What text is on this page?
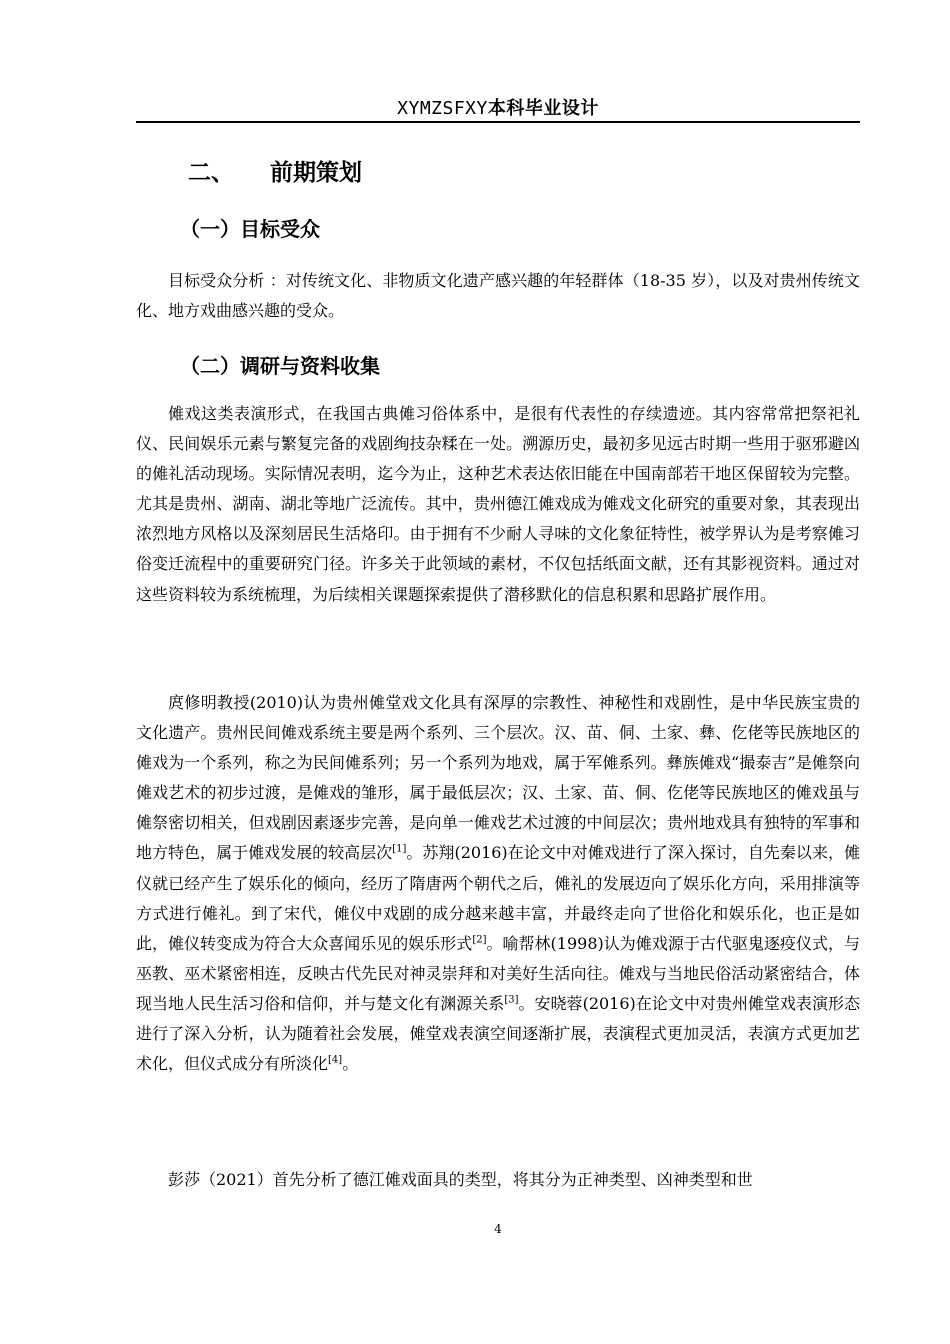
XYMZSFXY本科毕业设计
二、 前期策划
（一）目标受众

目标受众分析 ：对传统文化、非物质文化遗产感兴趣的年轻群体（18-35 岁），以及对贵州传统文化、地方戏曲感兴趣的受众。

（二）调研与资料收集

傩戏这类表演形式，在我国古典傩习俗体系中，是很有代表性的存续遗迹。其内容常常把祭祀礼仪、民间娱乐元素与繁复完备的戏剧绚技杂糅在一处。溯源历史，最初多见远古时期一些用于驱邪避凶的傩礼活动现场。实际情况表明，迄今为止，这种艺术表达依旧能在中国南部若干地区保留较为完整。尤其是贵州、湖南、湖北等地广泛流传。其中，贵州德江傩戏成为傩戏文化研究的重要对象，其表现出浓烈地方风格以及深刻居民生活烙印。由于拥有不少耐人寻味的文化象征特性，被学界认为是考察傩习俗变迁流程中的重要研究门径。许多关于此领域的素材，不仅包括纸面文献，还有其影视资料。通过对这些资料较为系统梳理，为后续相关课题探索提供了潜移默化的信息积累和思路扩展作用。

庹修明教授(2010)认为贵州傩堂戏文化具有深厚的宗教性、神秘性和戏剧性，是中华民族宝贵的文化遗产。贵州民间傩戏系统主要是两个系列、三个层次。汉、苗、侗、土家、彝、仡佬等民族地区的傩戏为一个系列，称之为民间傩系列；另一个系列为地戏，属于军傩系列。彝族傩戏“撮泰吉”是傩祭向傩戏艺术的初步过渡，是傩戏的雏形，属于最低层次；汉、土家、苗、侗、仡佬等民族地区的傩戏虽与傩祭密切相关，但戏剧因素逐步完善，是向单一傩戏艺术过渡的中间层次；贵州地戏具有独特的军事和地方特色，属于傩戏发展的较高层次[1]。苏翔(2016)在论文中对傩戏进行了深入探讨，自先秦以来，傩仪就已经产生了娱乐化的倾向，经历了隋唐两个朝代之后，傩礼的发展迈向了娱乐化方向，采用排演等方式进行傩礼。到了宋代，傩仪中戏剧的成分越来越丰富，并最终走向了世俗化和娱乐化，也正是如此，傩仪转变成为符合大众喜闻乐见的娱乐形式[2]。喻帮林(1998)认为傩戏源于古代驱鬼逐疫仪式，与巫教、巫术紧密相连，反映古代先民对神灵崇拜和对美好生活向往。傩戏与当地民俗活动紧密结合，体现当地人民生活习俗和信仰，并与楚文化有渊源关系[3]。安晓蓉(2016)在论文中对贵州傩堂戏表演形态进行了深入分析，认为随着社会发展，傩堂戏表演空间逐渐扩展，表演程式更加灵活，表演方式更加艺术化，但仪式成分有所淡化[4]。

彭莎（2021）首先分析了德江傩戏面具的类型，将其分为正神类型、凶神类型和世

4
